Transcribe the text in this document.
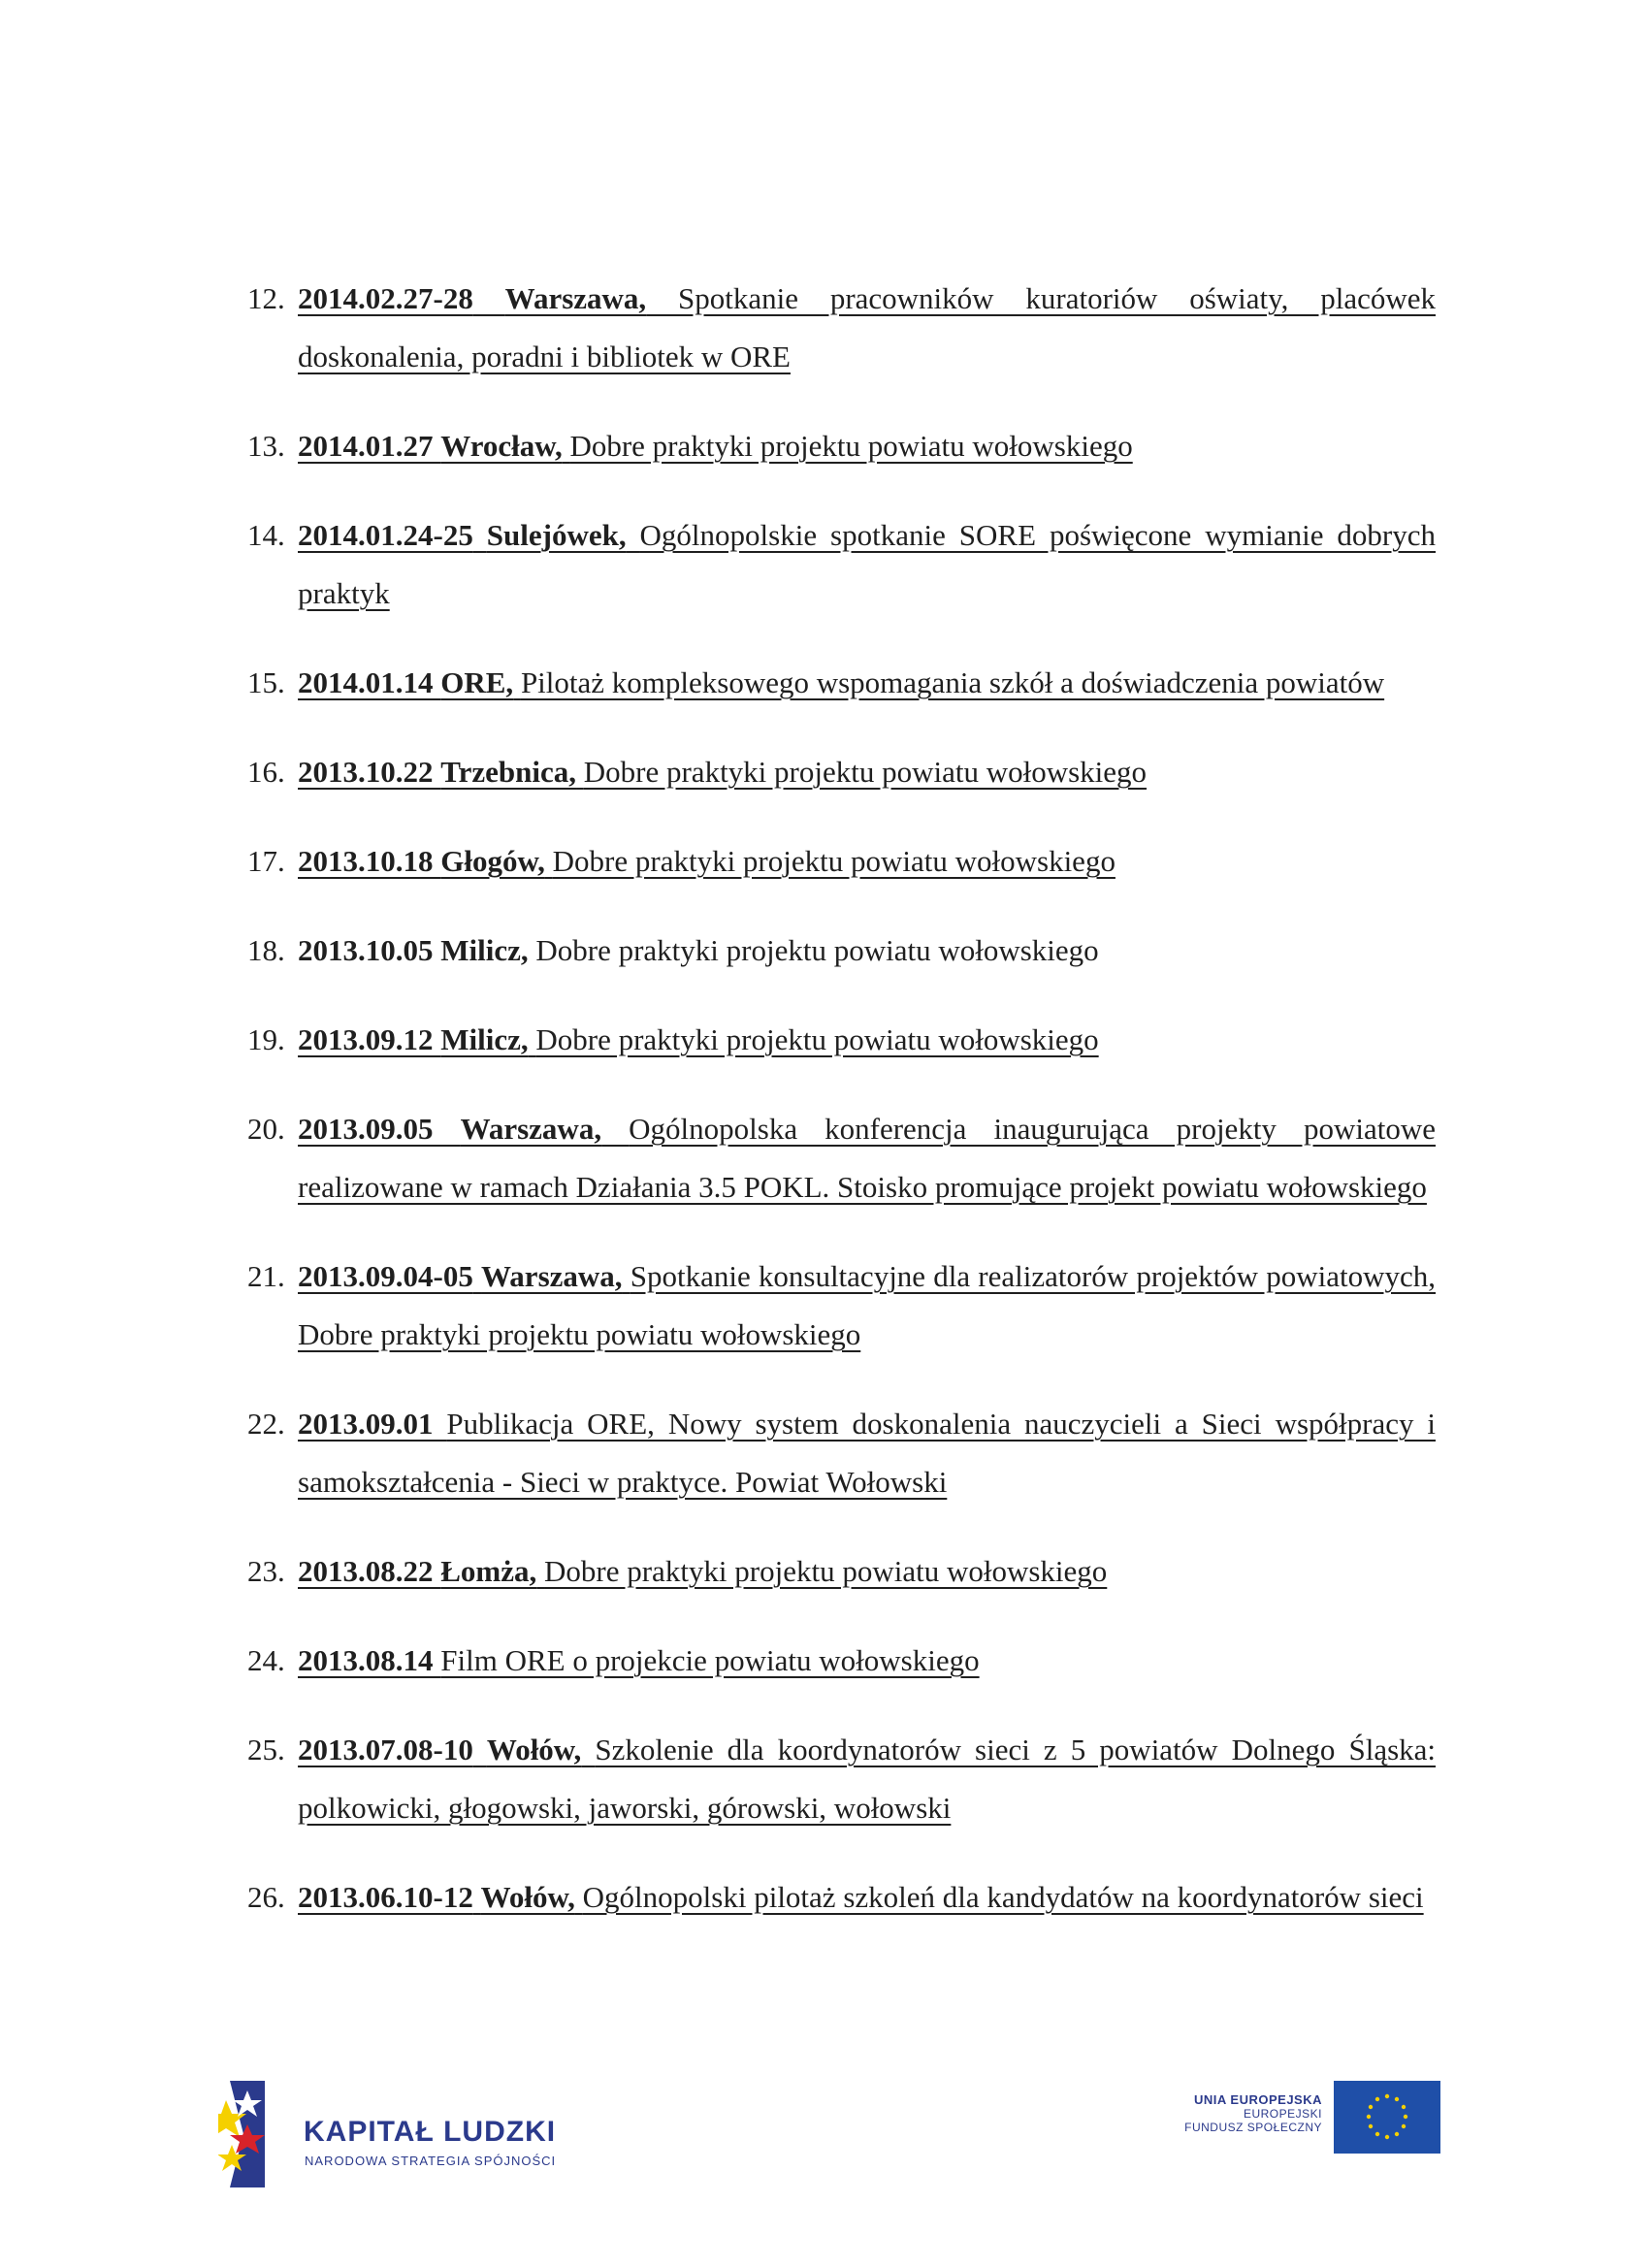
12. 2014.02.27-28 Warszawa, Spotkanie pracowników kuratoriów oświaty, placówek doskonalenia, poradni i bibliotek w ORE
13. 2014.01.27 Wrocław, Dobre praktyki projektu powiatu wołowskiego
14. 2014.01.24-25 Sulejówek, Ogólnopolskie spotkanie SORE poświęcone wymianie dobrych praktyk
15. 2014.01.14 ORE, Pilotaż kompleksowego wspomagania szkół a doświadczenia powiatów
16. 2013.10.22 Trzebnica, Dobre praktyki projektu powiatu wołowskiego
17. 2013.10.18 Głogów, Dobre praktyki projektu powiatu wołowskiego
18. 2013.10.05 Milicz, Dobre praktyki projektu powiatu wołowskiego
19. 2013.09.12 Milicz, Dobre praktyki projektu powiatu wołowskiego
20. 2013.09.05 Warszawa, Ogólnopolska konferencja inaugurująca projekty powiatowe realizowane w ramach Działania 3.5 POKL. Stoisko promujące projekt powiatu wołowskiego
21. 2013.09.04-05 Warszawa, Spotkanie konsultacyjne dla realizatorów projektów powiatowych, Dobre praktyki projektu powiatu wołowskiego
22. 2013.09.01 Publikacja ORE, Nowy system doskonalenia nauczycieli a Sieci współpracy i samokształcenia - Sieci w praktyce. Powiat Wołowski
23. 2013.08.22 Łomża, Dobre praktyki projektu powiatu wołowskiego
24. 2013.08.14 Film ORE o projekcie powiatu wołowskiego
25. 2013.07.08-10 Wołów, Szkolenie dla koordynatorów sieci z 5 powiatów Dolnego Śląska: polkowicki, głogowski, jaworski, górowski, wołowski
26. 2013.06.10-12 Wołów, Ogólnopolski pilotaż szkoleń dla kandydatów na koordynatorów sieci
KAPITAŁ LUDZKI
NARODOWA STRATEGIA SPÓJNOŚCI
UNIA EUROPEJSKA
EUROPEJSKI
FUNDUSZ SPOŁECZNY
